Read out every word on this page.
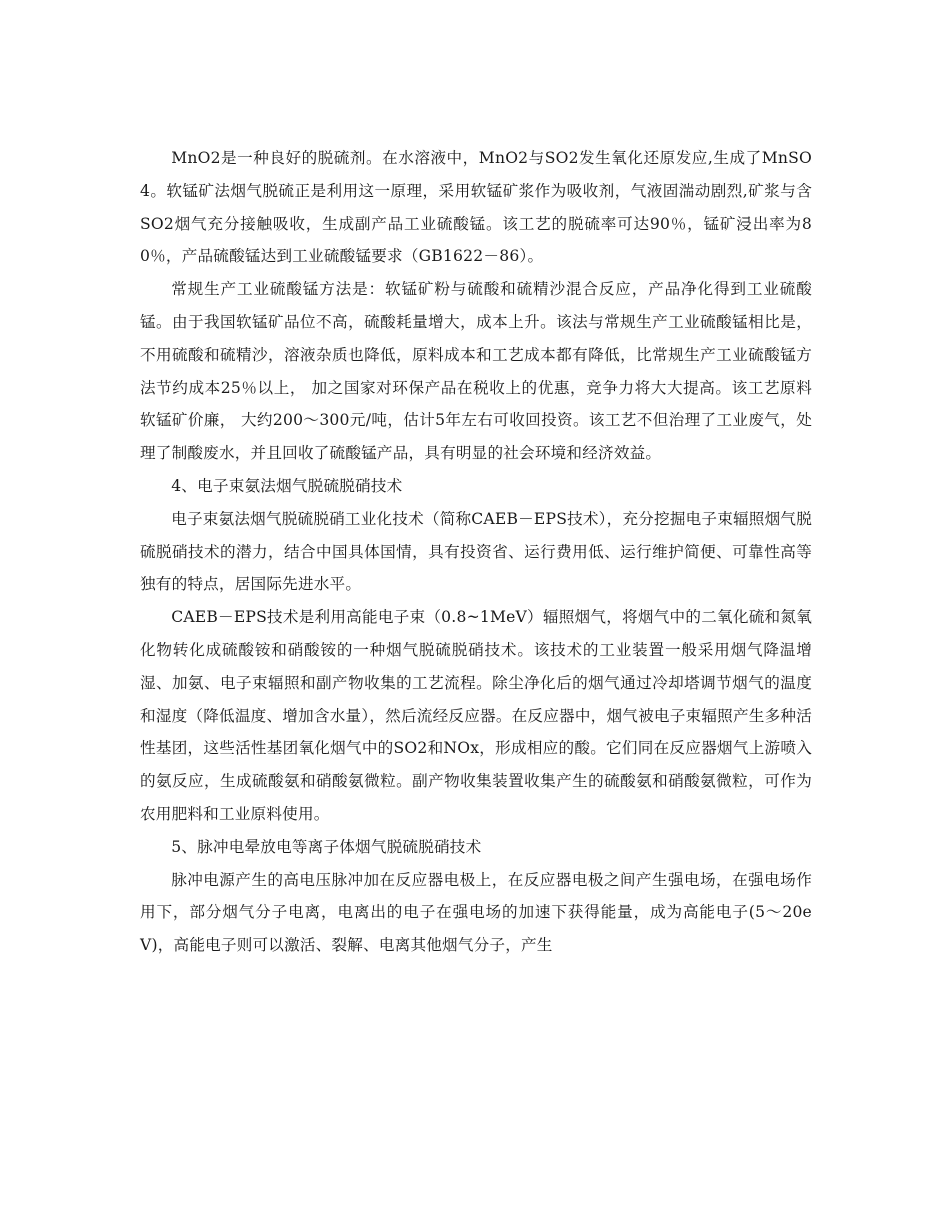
MnO2是一种良好的脱硫剂。在水溶液中，MnO2与SO2发生氧化还原发应,生成了MnSO4。软锰矿法烟气脱硫正是利用这一原理，采用软锰矿浆作为吸收剂，气液固湍动剧烈,矿浆与含SO2烟气充分接触吸收，生成副产品工业硫酸锰。该工艺的脱硫率可达90％，锰矿浸出率为80％，产品硫酸锰达到工业硫酸锰要求（GB1622－86）。

常规生产工业硫酸锰方法是：软锰矿粉与硫酸和硫精沙混合反应，产品净化得到工业硫酸锰。由于我国软锰矿品位不高，硫酸耗量增大，成本上升。该法与常规生产工业硫酸锰相比是，不用硫酸和硫精沙，溶液杂质也降低，原料成本和工艺成本都有降低，比常规生产工业硫酸锰方法节约成本25％以上， 加之国家对环保产品在税收上的优惠，竞争力将大大提高。该工艺原料软锰矿价廉， 大约200～300元/吨，估计5年左右可收回投资。该工艺不但治理了工业废气，处理了制酸废水，并且回收了硫酸锰产品，具有明显的社会环境和经济效益。

4、电子束氨法烟气脱硫脱硝技术

电子束氨法烟气脱硫脱硝工业化技术（简称CAEB－EPS技术），充分挖掘电子束辐照烟气脱硫脱硝技术的潜力，结合中国具体国情，具有投资省、运行费用低、运行维护简便、可靠性高等独有的特点，居国际先进水平。

CAEB－EPS技术是利用高能电子束（0.8~1MeV）辐照烟气，将烟气中的二氧化硫和氮氧化物转化成硫酸铵和硝酸铵的一种烟气脱硫脱硝技术。该技术的工业装置一般采用烟气降温增湿、加氨、电子束辐照和副产物收集的工艺流程。除尘净化后的烟气通过冷却塔调节烟气的温度和湿度（降低温度、增加含水量），然后流经反应器。在反应器中，烟气被电子束辐照产生多种活性基团，这些活性基团氧化烟气中的SO2和NOx，形成相应的酸。它们同在反应器烟气上游喷入的氨反应，生成硫酸氨和硝酸氨微粒。副产物收集装置收集产生的硫酸氨和硝酸氨微粒，可作为农用肥料和工业原料使用。

5、脉冲电晕放电等离子体烟气脱硫脱硝技术

脉冲电源产生的高电压脉冲加在反应器电极上，在反应器电极之间产生强电场，在强电场作用下，部分烟气分子电离，电离出的电子在强电场的加速下获得能量，成为高能电子(5～20eV)，高能电子则可以激活、裂解、电离其他烟气分子，产生
